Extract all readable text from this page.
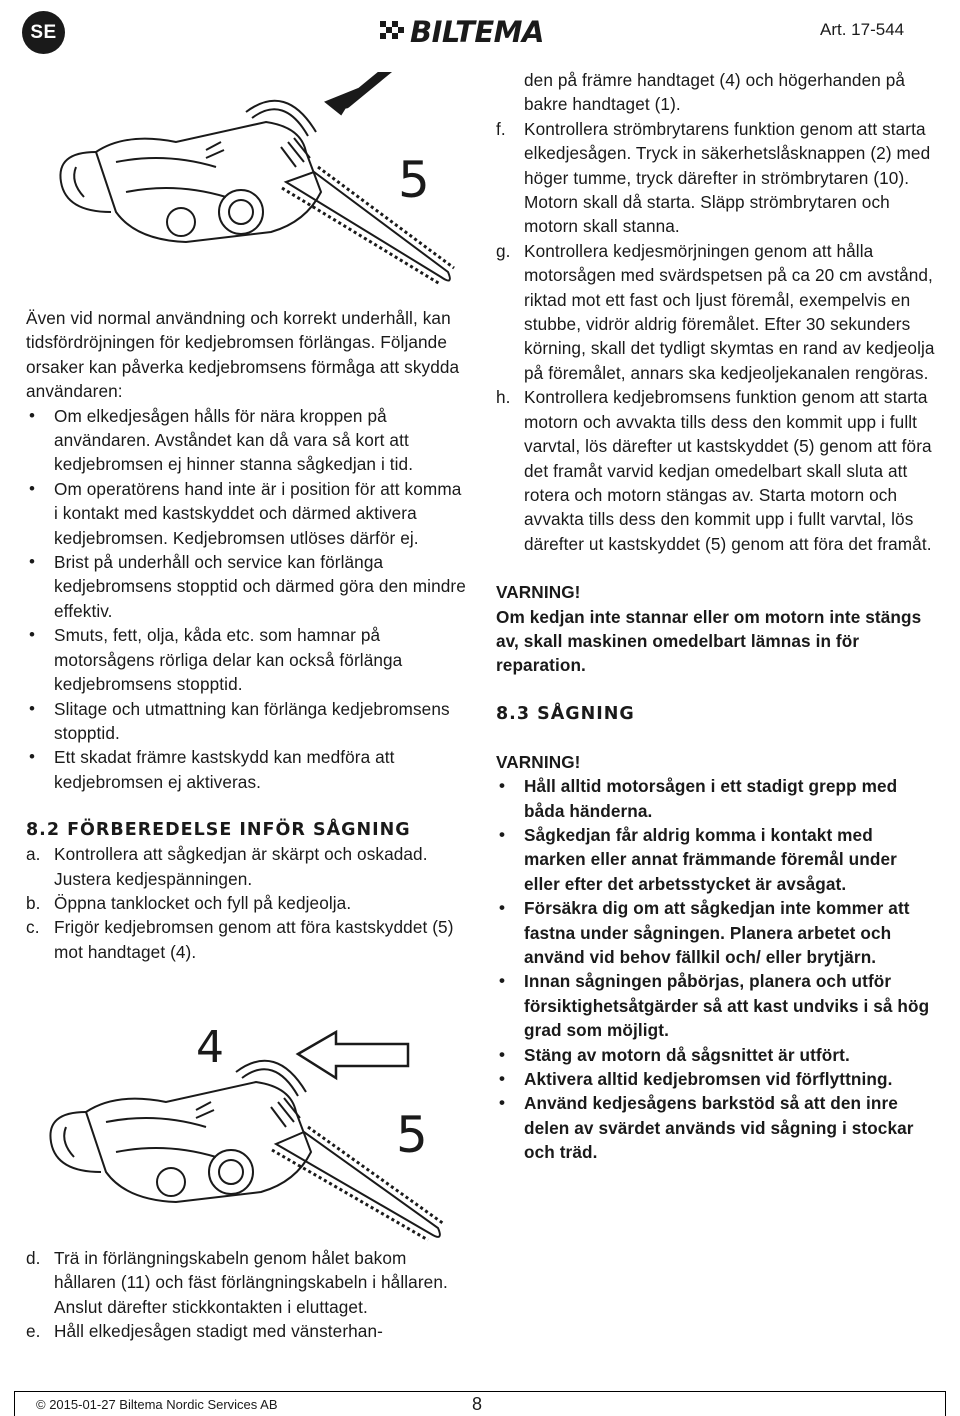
SE	BILTEMA	Art. 17-544
5

Även vid normal användning och korrekt underhåll, kan tidsfördröjningen för kedjebromsen förlängas. Följande orsaker kan påverka kedjebromsens förmåga att skydda användaren:

• Om elkedjesågen hålls för nära kroppen på användaren. Avståndet kan då vara så kort att kedjebromsen ej hinner stanna sågkedjan i tid.
• Om operatörens hand inte är i position för att komma i kontakt med kastskyddet och därmed aktivera kedjebromsen. Kedjebromsen utlöses därför ej.
• Brist på underhåll och service kan förlänga kedjebromsens stopptid och därmed göra den mindre effektiv.
• Smuts, fett, olja, kåda etc. som hamnar på motorsågens rörliga delar kan också förlänga kedjebromsens stopptid.
• Slitage och utmattning kan förlänga kedjebromsens stopptid.
• Ett skadat främre kastskydd kan medföra att kedjebromsen ej aktiveras.
8.2 FÖRBEREDELSE INFÖR SÅGNING
a. Kontrollera att sågkedjan är skärpt och oskadad. Justera kedjespänningen.
b. Öppna tanklocket och fyll på kedjeolja.
c. Frigör kedjebromsen genom att föra kastskyddet (5) mot handtaget (4).
4
5
d. Trä in förlängningskabeln genom hålet bakom hållaren (11) och fäst förlängningskabeln i hållaren. Anslut därefter stickkontakten i eluttaget.
e. Håll elkedjesågen stadigt med vänsterhan-

den på främre handtaget (4) och högerhanden på bakre handtaget (1).

f. Kontrollera strömbrytarens funktion genom att starta elkedjesågen. Tryck in säkerhetslåsknappen (2) med höger tumme, tryck därefter in strömbrytaren (10). Motorn skall då starta. Släpp strömbrytaren och motorn skall stanna.
g. Kontrollera kedjesmörjningen genom att hålla motorsågen med svärdspetsen på ca 20 cm avstånd, riktad mot ett fast och ljust föremål, exempelvis en stubbe, vidrör aldrig föremålet. Efter 30 sekunders körning, skall det tydligt skymtas en rand av kedjeolja på föremålet, annars ska kedjeoljekanalen rengöras.
h. Kontrollera kedjebromsens funktion genom att starta motorn och avvakta tills dess den kommit upp i fullt varvtal, lös därefter ut kastskyddet (5) genom att föra det framåt varvid kedjan omedelbart skall sluta att rotera och motorn stängas av. Starta motorn och avvakta tills dess den kommit upp i fullt varvtal, lös därefter ut kastskyddet (5) genom att föra det framåt.
VARNING!

Om kedjan inte stannar eller om motorn inte stängs av, skall maskinen omedelbart lämnas in för reparation.

8.3 SÅGNING
VARNING!
• Håll alltid motorsågen i ett stadigt grepp med båda händerna.
• Sågkedjan får aldrig komma i kontakt med marken eller annat främmande föremål under eller efter det arbetsstycket är avsågat.
• Försäkra dig om att sågkedjan inte kommer att fastna under sågningen. Planera arbetet och använd vid behov fällkil och/ eller brytjärn.
• Innan sågningen påbörjas, planera och utför försiktighetsåtgärder så att kast undviks i så hög grad som möjligt.
• Stäng av motorn då sågsnittet är utfört.
• Aktivera alltid kedjebromsen vid förflyttning.
• Använd kedjesågens barkstöd så att den inre delen av svärdet används vid sågning i stockar och träd.
© 2015-01-27 Biltema Nordic Services AB	8
